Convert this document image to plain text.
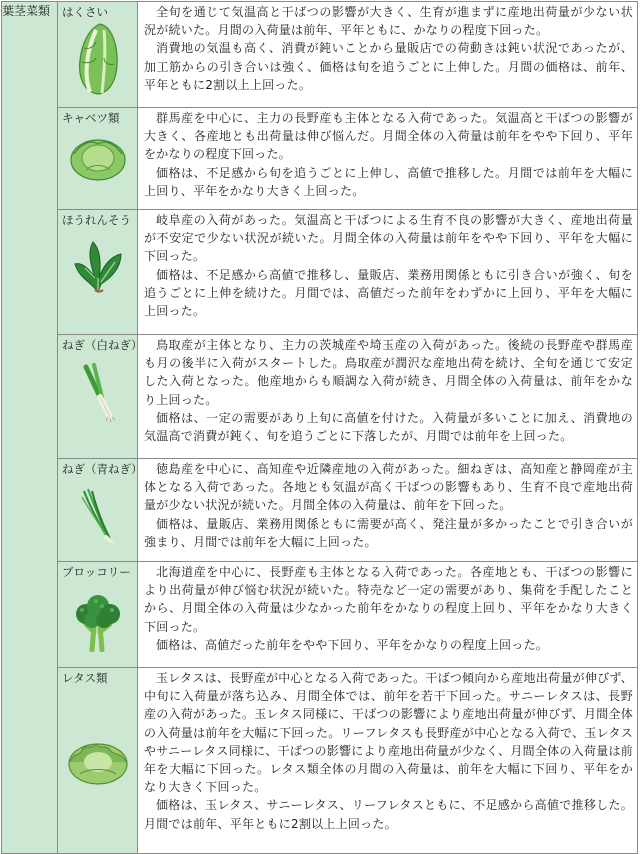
葉茎菜類	はくさい	全旬を通じて気温高と干ばつの影響が大きく、生育が進まずに産地出荷量が少ない状況が続いた。月間の入荷量は前年、平年ともに、かなりの程度下回った。

消費地の気温も高く、消費が鈍いことから量販店での荷動きは鈍い状況であったが、加工筋からの引き合いは強く、価格は旬を追うごとに上伸した。月間の価格は、前年、平年ともに2割以上上回った。

	キャベツ類	群馬産を中心に、主力の長野産も主体となる入荷であった。気温高と干ばつの影響が大きく、各産地とも出荷量は伸び悩んだ。月間全体の入荷量は前年をやや下回り、平年をかなりの程度下回った。

価格は、不足感から旬を追うごとに上伸し、高値で推移した。月間では前年を大幅に上回り、平年をかなり大きく上回った。

	ほうれんそう	岐阜産の入荷があった。気温高と干ばつによる生育不良の影響が大きく、産地出荷量が不安定で少ない状況が続いた。月間全体の入荷量は前年をやや下回り、平年を大幅に下回った。

価格は、不足感から高値で推移し、量販店、業務用関係ともに引き合いが強く、旬を追うごとに上伸を続けた。月間では、高値だった前年をわずかに上回り、平年を大幅に上回った。

	ねぎ（白ねぎ）	鳥取産が主体となり、主力の茨城産や埼玉産の入荷があった。後続の長野産や群馬産も月の後半に入荷がスタートした。鳥取産が潤沢な産地出荷を続け、全旬を通じて安定した入荷となった。他産地からも順調な入荷が続き、月間全体の入荷量は、前年をかなり上回った。

価格は、一定の需要があり上旬に高値を付けた。入荷量が多いことに加え、消費地の気温高で消費が鈍く、旬を追うごとに下落したが、月間では前年を上回った。

	ねぎ（青ねぎ）	徳島産を中心に、高知産や近隣産地の入荷があった。細ねぎは、高知産と静岡産が主体となる入荷であった。各地とも気温が高く干ばつの影響もあり、生育不良で産地出荷量が少ない状況が続いた。月間全体の入荷量は、前年を下回った。

価格は、量販店、業務用関係ともに需要が高く、発注量が多かったことで引き合いが強まり、月間では前年を大幅に上回った。

	ブロッコリー	北海道産を中心に、長野産も主体となる入荷であった。各産地とも、干ばつの影響により出荷量が伸び悩む状況が続いた。特売など一定の需要があり、集荷を手配したことから、月間全体の入荷量は少なかった前年をかなりの程度上回り、平年をかなり大きく下回った。

価格は、高値だった前年をやや下回り、平年をかなりの程度上回った。

	レタス類	玉レタスは、長野産が中心となる入荷であった。干ばつ傾向から産地出荷量が伸びず、中旬に入荷量が落ち込み、月間全体では、前年を若干下回った。サニーレタスは、長野産の入荷があった。玉レタス同様に、干ばつの影響により産地出荷量が伸びず、月間全体の入荷量は前年を大幅に下回った。リーフレタスも長野産が中心となる入荷で、玉レタスやサニーレタス同様に、干ばつの影響により産地出荷量が少なく、月間全体の入荷量は前年を大幅に下回った。レタス類全体の月間の入荷量は、前年を大幅に下回り、平年をかなり大きく下回った。

価格は、玉レタス、サニーレタス、リーフレタスともに、不足感から高値で推移した。月間では前年、平年ともに2割以上上回った。
